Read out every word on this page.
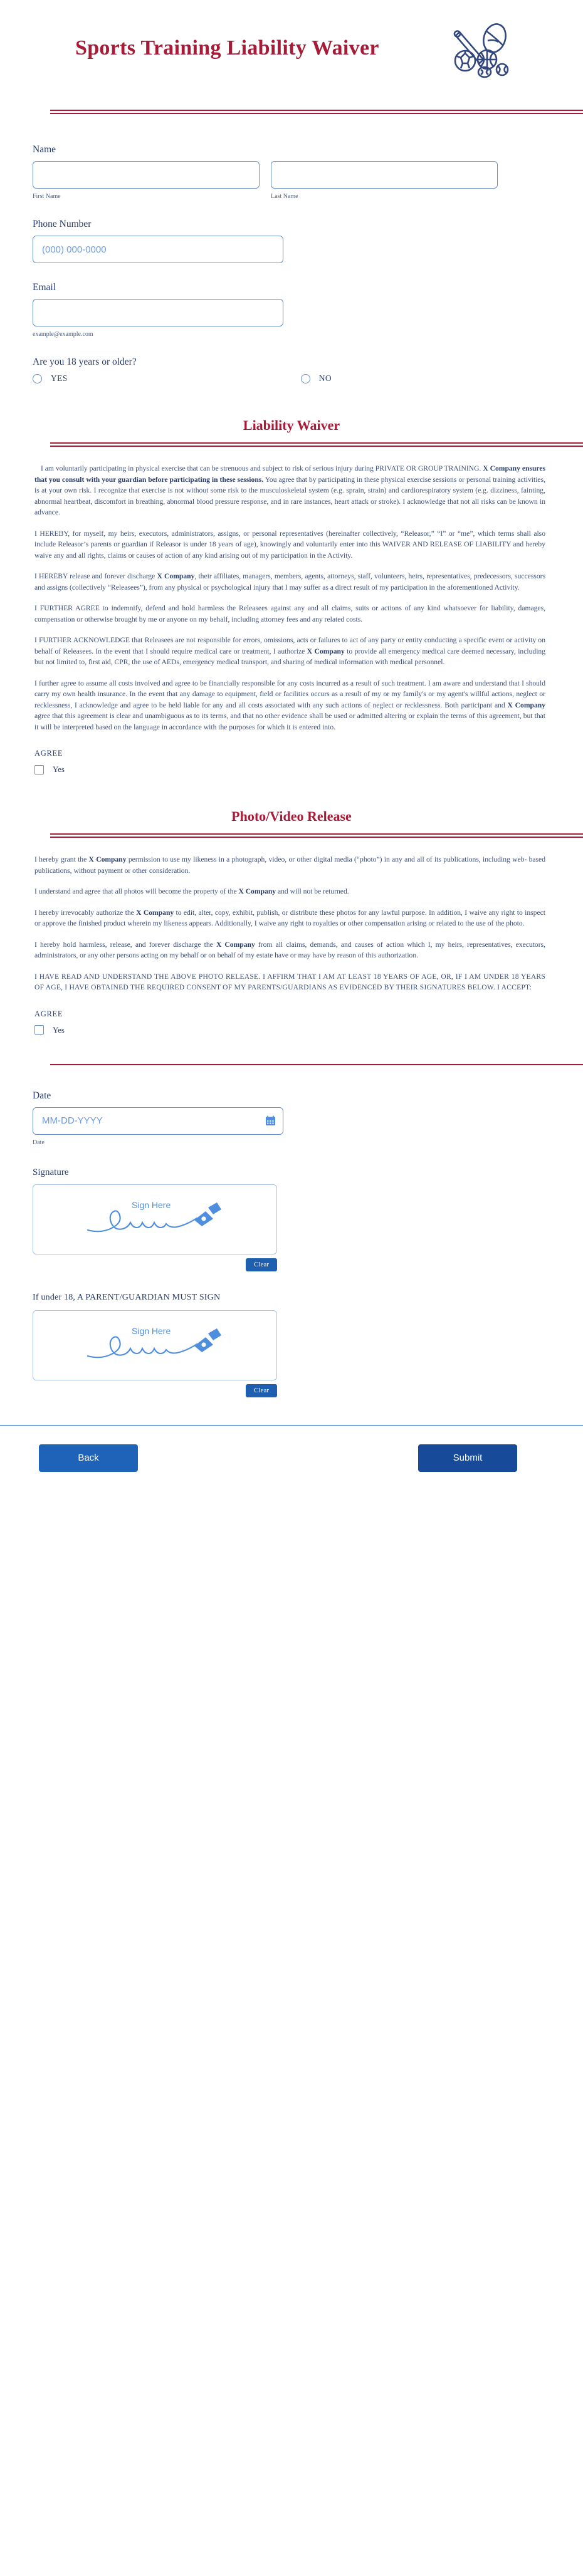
Sports Training Liability Waiver
Name
First Name	Last Name
Phone Number
(000) 000-0000
Email
example@example.com
Are you 18 years or older?
YES	NO
Liability Waiver

I am voluntarily participating in physical exercise that can be strenuous and subject to risk of serious injury during PRIVATE OR GROUP TRAINING. X Company ensures that you consult with your guardian before participating in these sessions. You agree that by participating in these physical exercise sessions or personal training activities, is at your own risk. I recognize that exercise is not without some risk to the musculoskeletal system (e.g. sprain, strain) and cardiorespiratory system (e.g. dizziness, fainting, abnormal heartbeat, discomfort in breathing, abnormal blood pressure response, and in rare instances, heart attack or stroke). I acknowledge that not all risks can be known in advance.

I HEREBY, for myself, my heirs, executors, administrators, assigns, or personal representatives (hereinafter collectively, “Releasor,” “I” or “me”, which terms shall also include Releasor’s parents or guardian if Releasor is under 18 years of age), knowingly and voluntarily enter into this WAIVER AND RELEASE OF LIABILITY and hereby waive any and all rights, claims or causes of action of any kind arising out of my participation in the Activity.

I HEREBY release and forever discharge X Company, their affiliates, managers, members, agents, attorneys, staff, volunteers, heirs, representatives, predecessors, successors and assigns (collectively “Releasees”), from any physical or psychological injury that I may suffer as a direct result of my participation in the aforementioned Activity.

I FURTHER AGREE to indemnify, defend and hold harmless the Releasees against any and all claims, suits or actions of any kind whatsoever for liability, damages, compensation or otherwise brought by me or anyone on my behalf, including attorney fees and any related costs.

I FURTHER ACKNOWLEDGE that Releasees are not responsible for errors, omissions, acts or failures to act of any party or entity conducting a specific event or activity on behalf of Releasees. In the event that I should require medical care or treatment, I authorize X Company to provide all emergency medical care deemed necessary, including but not limited to, first aid, CPR, the use of AEDs, emergency medical transport, and sharing of medical information with medical personnel.

I further agree to assume all costs involved and agree to be financially responsible for any costs incurred as a result of such treatment. I am aware and understand that I should carry my own health insurance. In the event that any damage to equipment, field or facilities occurs as a result of my or my family's or my agent's willful actions, neglect or recklessness, I acknowledge and agree to be held liable for any and all costs associated with any such actions of neglect or recklessness. Both participant and X Company agree that this agreement is clear and unambiguous as to its terms, and that no other evidence shall be used or admitted altering or explain the terms of this agreement, but that it will be interpreted based on the language in accordance with the purposes for which it is entered into.

AGREE
Yes
Photo/Video Release

I hereby grant the X Company permission to use my likeness in a photograph, video, or other digital media (“photo”) in any and all of its publications, including web- based publications, without payment or other consideration.

I understand and agree that all photos will become the property of the X Company and will not be returned.

I hereby irrevocably authorize the X Company to edit, alter, copy, exhibit, publish, or distribute these photos for any lawful purpose. In addition, I waive any right to inspect or approve the finished product wherein my likeness appears. Additionally, I waive any right to royalties or other compensation arising or related to the use of the photo.

I hereby hold harmless, release, and forever discharge the X Company from all claims, demands, and causes of action which I, my heirs, representatives, executors, administrators, or any other persons acting on my behalf or on behalf of my estate have or may have by reason of this authorization.

I HAVE READ AND UNDERSTAND THE ABOVE PHOTO RELEASE. I AFFIRM THAT I AM AT LEAST 18 YEARS OF AGE, OR, IF I AM UNDER 18 YEARS OF AGE, I HAVE OBTAINED THE REQUIRED CONSENT OF MY PARENTS/GUARDIANS AS EVIDENCED BY THEIR SIGNATURES BELOW. I ACCEPT:

AGREE
Yes
Date
MM-DD-YYYY
Date
Signature
Sign Here
Clear
If under 18, A PARENT/GUARDIAN MUST SIGN
Sign Here
Clear
Back	Submit
